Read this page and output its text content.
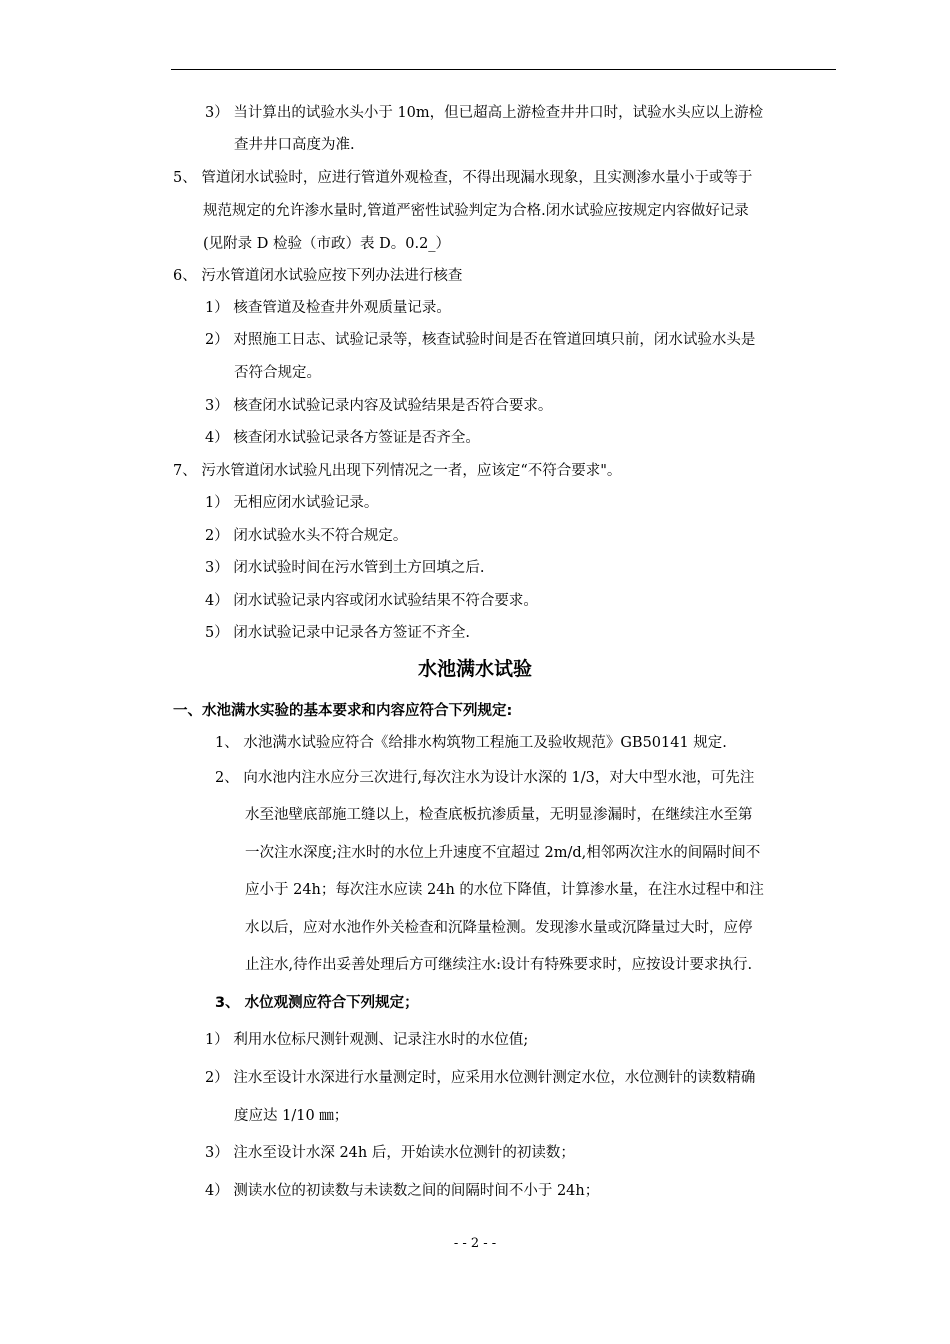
3） 当计算出的试验水头小于 10m，但已超高上游检查井井口时，试验水头应以上游检
查井井口高度为准.
5、 管道闭水试验时，应进行管道外观检查，不得出现漏水现象，且实测渗水量小于或等于
规范规定的允许渗水量时,管道严密性试验判定为合格.闭水试验应按规定内容做好记录
(见附录 D 检验（市政）表 D。0.2_）
6、 污水管道闭水试验应按下列办法进行核查
1） 核查管道及检查井外观质量记录。
2） 对照施工日志、试验记录等，核查试验时间是否在管道回填只前，闭水试验水头是
否符合规定。
3） 核查闭水试验记录内容及试验结果是否符合要求。
4） 核查闭水试验记录各方签证是否齐全。
7、 污水管道闭水试验凡出现下列情况之一者，应该定“不符合要求"。
1） 无相应闭水试验记录。
2） 闭水试验水头不符合规定。
3） 闭水试验时间在污水管到土方回填之后.
4） 闭水试验记录内容或闭水试验结果不符合要求。
5） 闭水试验记录中记录各方签证不齐全.
水池满水试验
一、水池满水实验的基本要求和内容应符合下列规定:
1、 水池满水试验应符合《给排水构筑物工程施工及验收规范》GB50141 规定.
2、 向水池内注水应分三次进行,每次注水为设计水深的 1/3，对大中型水池，可先注
水至池壁底部施工缝以上，检查底板抗渗质量，无明显渗漏时，在继续注水至第
一次注水深度;注水时的水位上升速度不宜超过 2m/d,相邻两次注水的间隔时间不
应小于 24h；每次注水应读 24h 的水位下降值，计算渗水量，在注水过程中和注
水以后，应对水池作外关检查和沉降量检测。发现渗水量或沉降量过大时，应停
止注水,待作出妥善处理后方可继续注水:设计有特殊要求时，应按设计要求执行.
3、 水位观测应符合下列规定；
1） 利用水位标尺测针观测、记录注水时的水位值;
2） 注水至设计水深进行水量测定时，应采用水位测针测定水位，水位测针的读数精确
度应达 1/10 ㎜；
3） 注水至设计水深 24h 后，开始读水位测针的初读数；
4） 测读水位的初读数与未读数之间的间隔时间不小于 24h；
- - 2 - -
